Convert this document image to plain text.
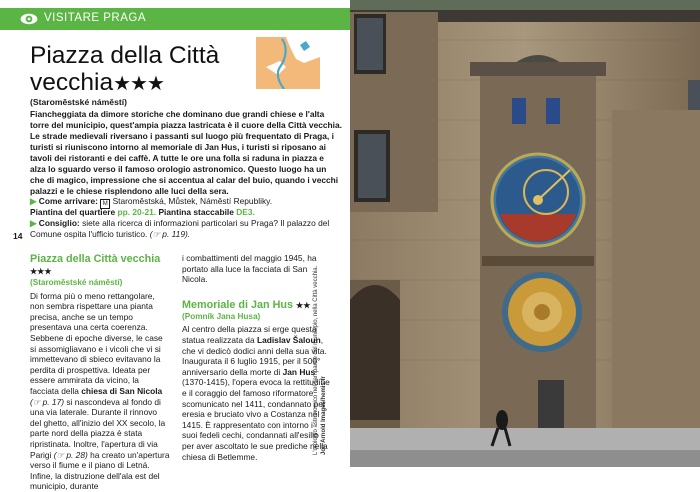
VISITARE PRAGA
Piazza della Città vecchia★★★
(Staroměstské náměstí)

Fiancheggiata da dimore storiche che dominano due grandi chiese e l'alta torre del municipio, quest'ampia piazza lastricata è il cuore della Città vecchia. Le strade medievali riversano i passanti sul luogo più frequentato di Praga, i turisti si riuniscono intorno al memoriale di Jan Hus, i turisti si riposano ai tavoli dei ristoranti e dei caffè. A tutte le ore una folla si raduna in piazza e alza lo sguardo verso il famoso orologio astronomico. Questo luogo ha un che di magico, impressione che si accentua al calar del buio, quando i vecchi palazzi e le chiese risplendono alle luci della sera.

▶ Come arrivare: M Staroměstská, Můstek, Náměstí Republiky.
Piantina del quartiere pp. 20-21. Piantina staccabile DE3.
▶ Consiglio: siete alla ricerca di informazioni particolari su Praga? Il palazzo del Comune ospita l'ufficio turistico. (☞ p. 119).
14
Piazza della Città vecchia ★★★
(Staroměstské náměstí)

Di forma più o meno rettangolare, non sembra rispettare una pianta precisa, anche se un tempo presentava una certa coerenza. Sebbene di epoche diverse, le case si assomigliavano e i vicoli che vi si immettevano di sbieco evitavano la perdita di prospettiva. Ideata per essere ammirata da vicino, la facciata della chiesa di San Nicola (☞ p. 17) si nascondeva al fondo di una via laterale. Durante il rinnovo del ghetto, all'inizio del XX secolo, la parte nord della piazza è stata ripristinata. Inoltre, l'apertura di via Parigi (☞ p. 28) ha creato un'apertura verso il fiume e il piano di Letná. Infine, la distruzione dell'ala est del municipio, durante

i combattimenti del maggio 1945, ha portato alla luce la facciata di San Nicola.

Memoriale di Jan Hus ★★
(Pomník Jana Husa)

Al centro della piazza si erge questa statua realizzata da Ladislav Šaloun, che vi dedicò dodici anni della sua vita. Inaugurata il 6 luglio 1915, per il 500° anniversario della morte di Jan Hus (1370-1415), l'opera evoca la rettitudine e il coraggio del famoso riformatore scomunicato nel 1411, condannato per eresia e bruciato vivo a Costanza nel 1415. È rappresentato con intorno i suoi fedeli cechi, condannati all'esilio per aver ascoltato le sue prediche nella chiesa di Betlemme.

L'orologio astronomico nel campanile del municipio, nella Città vecchia. Jon Arnold Images/hemis.fr
